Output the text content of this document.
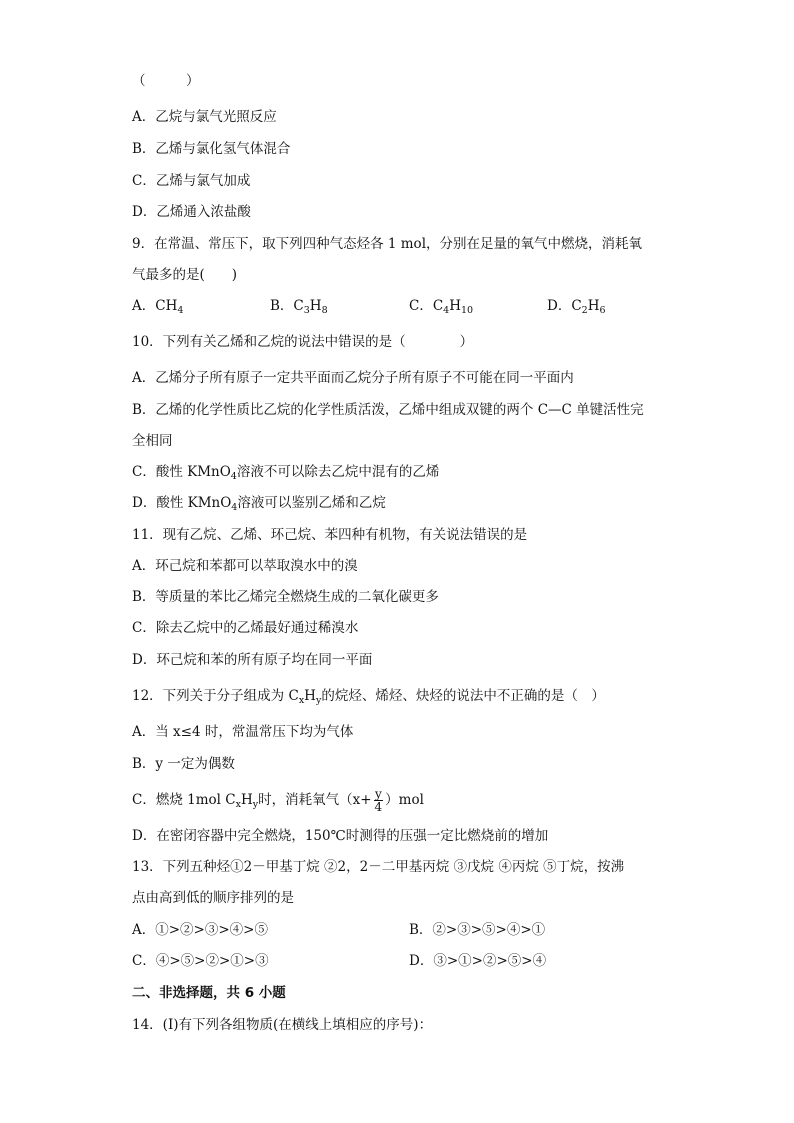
（　　　）
A．乙烷与氯气光照反应
B．乙烯与氯化氢气体混合
C．乙烯与氯气加成
D．乙烯通入浓盐酸
9．在常温、常压下，取下列四种气态烃各 1 mol，分别在足量的氧气中燃烧，消耗氧
气最多的是(　　)
A．$CH_4$	B．$C_3H_8$	C．$C_4H_{10}$	D．$C_2H_6$
10．下列有关乙烯和乙烷的说法中错误的是（　　　　）
A．乙烯分子所有原子一定共平面而乙烷分子所有原子不可能在同一平面内
B．乙烯的化学性质比乙烷的化学性质活泼，乙烯中组成双键的两个 C—C 单键活性完
全相同
C．酸性 KMnO$_4$溶液不可以除去乙烷中混有的乙烯
D．酸性 KMnO$_4$溶液可以鉴别乙烯和乙烷
11．现有乙烷、乙烯、环己烷、苯四种有机物，有关说法错误的是
A．环己烷和苯都可以萃取溴水中的溴
B．等质量的苯比乙烯完全燃烧生成的二氧化碳更多
C．除去乙烷中的乙烯最好通过稀溴水
D．环己烷和苯的所有原子均在同一平面
12．下列关于分子组成为 $C_xH_y$的烷烃、烯烃、炔烃的说法中不正确的是（　）
A．当 x≤4 时，常温常压下均为气体
B．y 一定为偶数
C．燃烧 1mol $C_xH_y$时，消耗氧气$(x+ \frac{y}{4} )mol$
D．在密闭容器中完全燃烧，150℃时测得的压强一定比燃烧前的增加
13．下列五种烃①2－甲基丁烷 ②2，2－二甲基丙烷 ③戊烷 ④丙烷 ⑤丁烷，按沸
点由高到低的顺序排列的是
A．①>②>③>④>⑤	B．②>③>⑤>④>①
C．④>⑤>②>①>③	D．③>①>②>⑤>④
二、非选择题，共 6 小题
14．(I)有下列各组物质(在横线上填相应的序号)：
